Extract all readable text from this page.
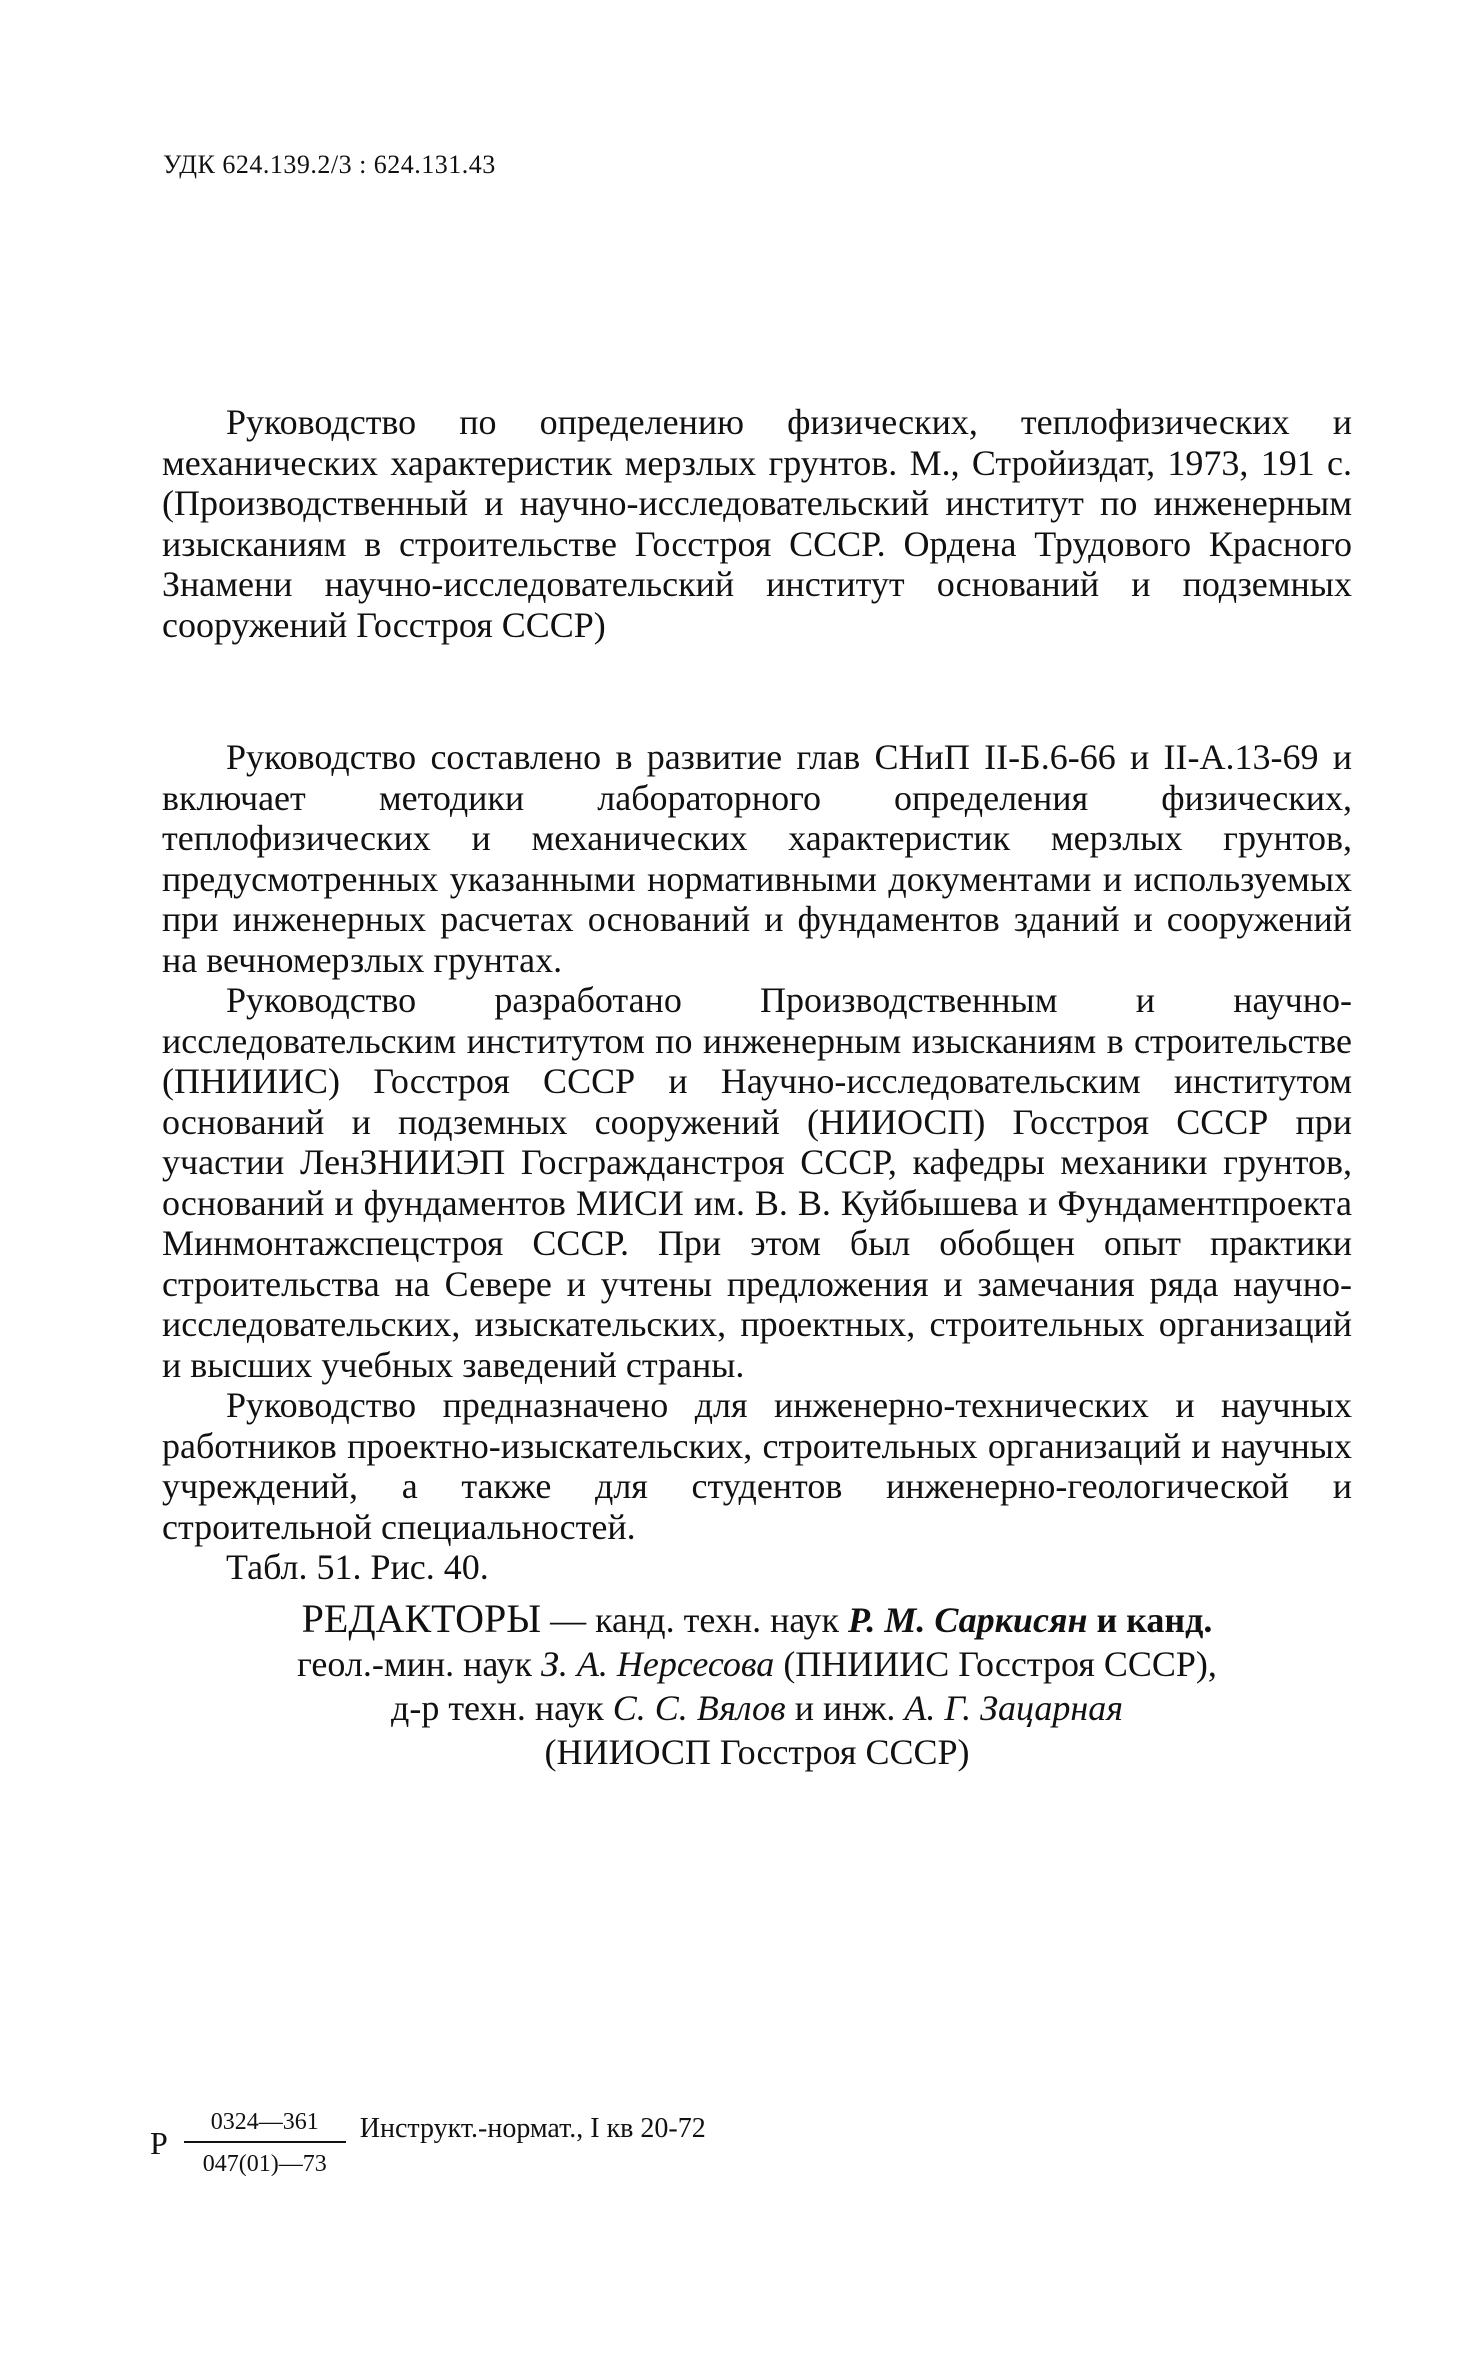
УДК 624.139.2/3 : 624.131.43
Руководство по определению физических, теплофизических и механических характеристик мерзлых грунтов. М., Стройиздат, 1973, 191 с. (Производственный и научно-исследовательский институт по инженерным изысканиям в строительстве Госстроя СССР. Ордена Трудового Красного Знамени научно-исследовательский институт оснований и подземных сооружений Госстроя СССР)

Руководство составлено в развитие глав СНиП II-Б.6-66 и II-А.13-69 и включает методики лабораторного определения физических, теплофизических и механических характеристик мерзлых грунтов, предусмотренных указанными нормативными документами и используемых при инженерных расчетах оснований и фундаментов зданий и сооружений на вечномерзлых грунтах.

Руководство разработано Производственным и научно-исследовательским институтом по инженерным изысканиям в строительстве (ПНИИИС) Госстроя СССР и Научно-исследовательским институтом оснований и подземных сооружений (НИИОСП) Госстроя СССР при участии ЛенЗНИИЭП Госгражданстроя СССР, кафедры механики грунтов, оснований и фундаментов МИСИ им. В. В. Куйбышева и Фундаментпроекта Минмонтажспецстроя СССР. При этом был обобщен опыт практики строительства на Севере и учтены предложения и замечания ряда научно-исследовательских, изыскательских, проектных, строительных организаций и высших учебных заведений страны.

Руководство предназначено для инженерно-технических и научных работников проектно-изыскательских, строительных организаций и научных учреждений, а также для студентов инженерно-геологической и строительной специальностей.

Табл. 51. Рис. 40.

РЕДАКТОРЫ — канд. техн. наук Р. М. Саркисян и канд.
геол.-мин. наук З. А. Нерсесова (ПНИИИС Госстроя СССР),
д-р техн. наук С. С. Вялов и инж. А. Г. Зацарная
(НИИОСП Госстроя СССР)
Р $\frac{0324—361}{047(01)—73}$ Инструкт.-нормат., I кв 20-72
